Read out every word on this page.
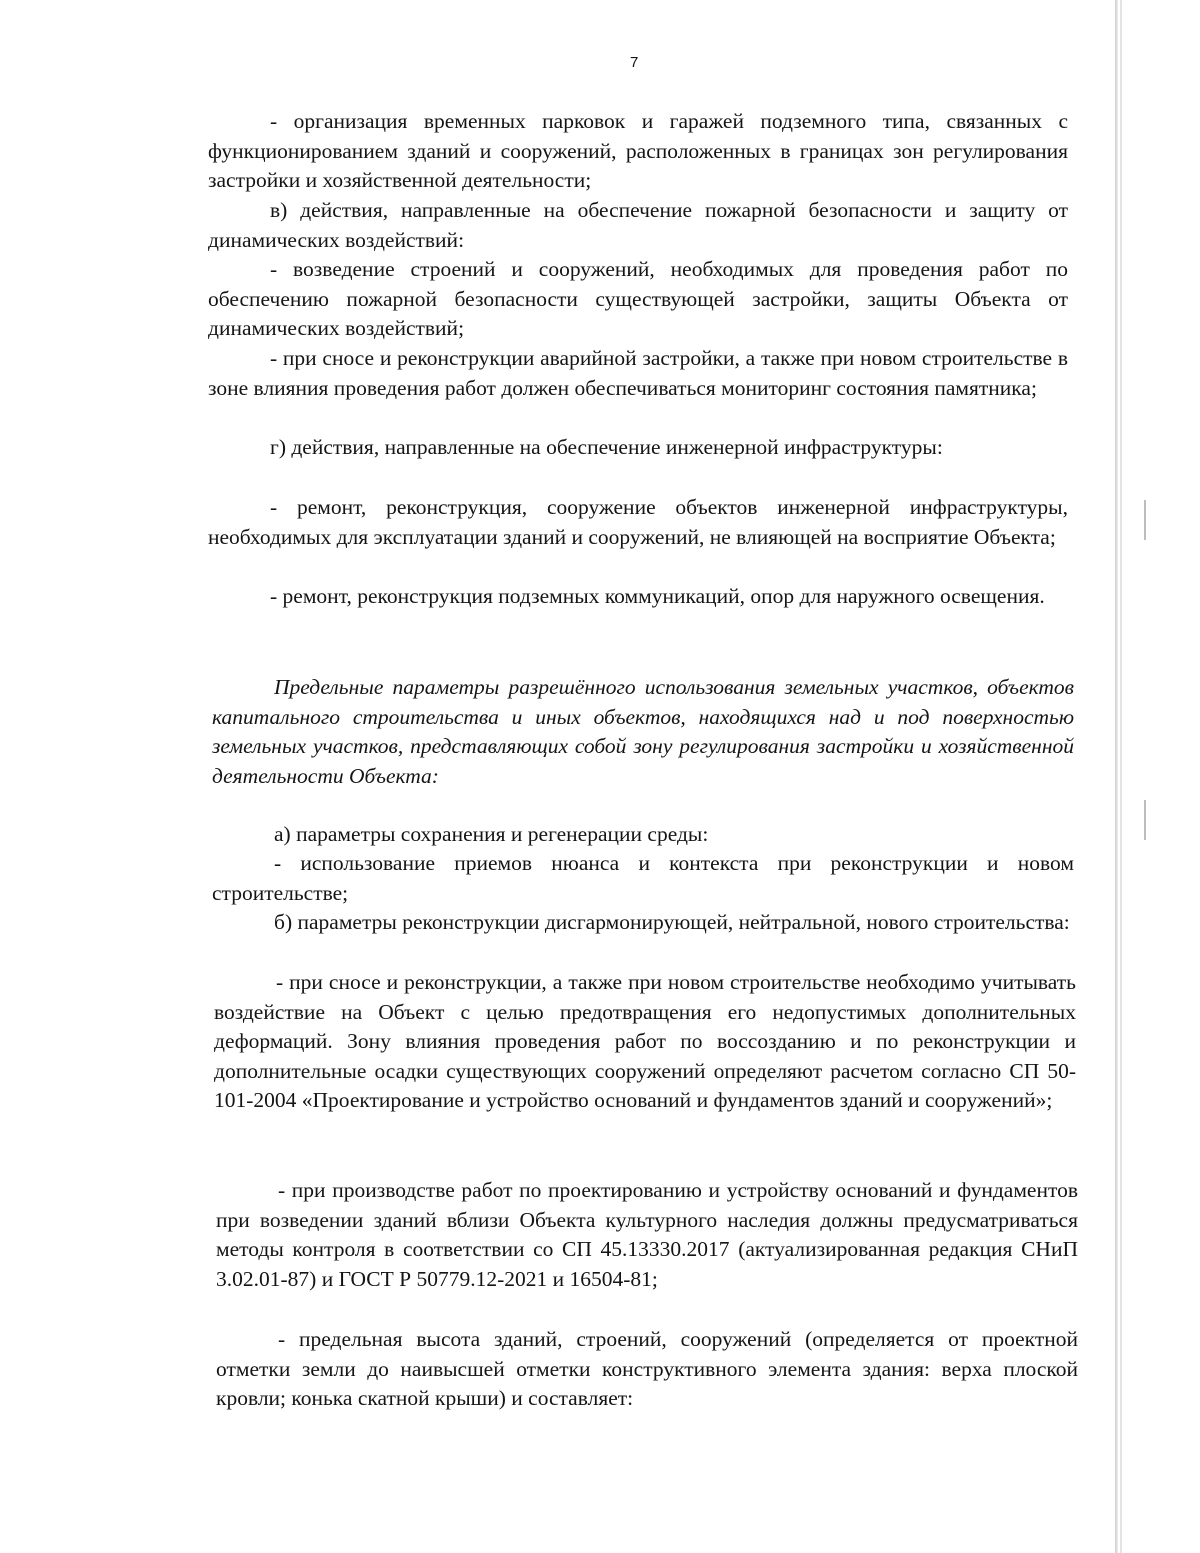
7

- организация временных парковок и гаражей подземного типа, связанных с функционированием зданий и сооружений, расположенных в границах зон регулирования застройки и хозяйственной деятельности;

в) действия, направленные на обеспечение пожарной безопасности и защиту от динамических воздействий:

- возведение строений и сооружений, необходимых для проведения работ по обеспечению пожарной безопасности существующей застройки, защиты Объекта от динамических воздействий;

- при сносе и реконструкции аварийной застройки, а также при новом строительстве в зоне влияния проведения работ должен обеспечиваться мониторинг состояния памятника;

г) действия, направленные на обеспечение инженерной инфраструктуры:

- ремонт, реконструкция, сооружение объектов инженерной инфраструктуры, необходимых для эксплуатации зданий и сооружений, не влияющей на восприятие Объекта;

- ремонт, реконструкция подземных коммуникаций, опор для наружного освещения.

Предельные параметры разрешённого использования земельных участков, объектов капитального строительства и иных объектов, находящихся над и под поверхностью земельных участков, представляющих собой зону регулирования застройки и хозяйственной деятельности Объекта:

а) параметры сохранения и регенерации среды:

- использование приемов нюанса и контекста при реконструкции и новом строительстве;

б) параметры реконструкции дисгармонирующей, нейтральной, нового строительства:

- при сносе и реконструкции, а также при новом строительстве необходимо учитывать воздействие на Объект с целью предотвращения его недопустимых дополнительных деформаций. Зону влияния проведения работ по воссозданию и по реконструкции и дополнительные осадки существующих сооружений определяют расчетом согласно СП 50-101-2004 «Проектирование и устройство оснований и фундаментов зданий и сооружений»;

- при производстве работ по проектированию и устройству оснований и фундаментов при возведении зданий вблизи Объекта культурного наследия должны предусматриваться методы контроля в соответствии со СП 45.13330.2017 (актуализированная редакция СНиП 3.02.01-87) и ГОСТ Р 50779.12-2021 и 16504-81;

- предельная высота зданий, строений, сооружений (определяется от проектной отметки земли до наивысшей отметки конструктивного элемента здания: верха плоской кровли; конька скатной крыши) и составляет:
